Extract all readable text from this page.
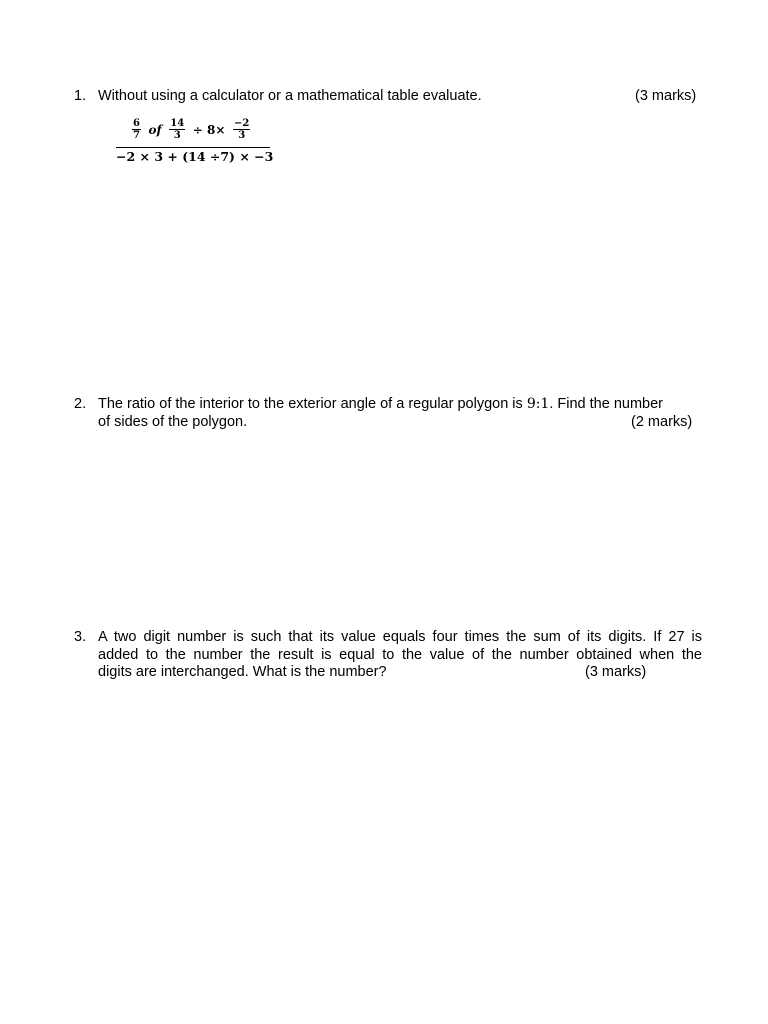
1. Without using a calculator or a mathematical table evaluate.	(3 marks)
$\frac{6}{7}$ of $\frac{14}{3} \div 8\times \frac{-2}{3}$
−2 × 3 + (14 ÷7) × −3
2. The ratio of the interior to the exterior angle of a regular polygon is 9:1. Find the number
of sides of the polygon.	(2 marks)
3. A two digit number is such that its value equals four times the sum of its digits. If 27 is
added to the number the result is equal to the value of the number obtained when the
digits are interchanged. What is the number?	(3 marks)
